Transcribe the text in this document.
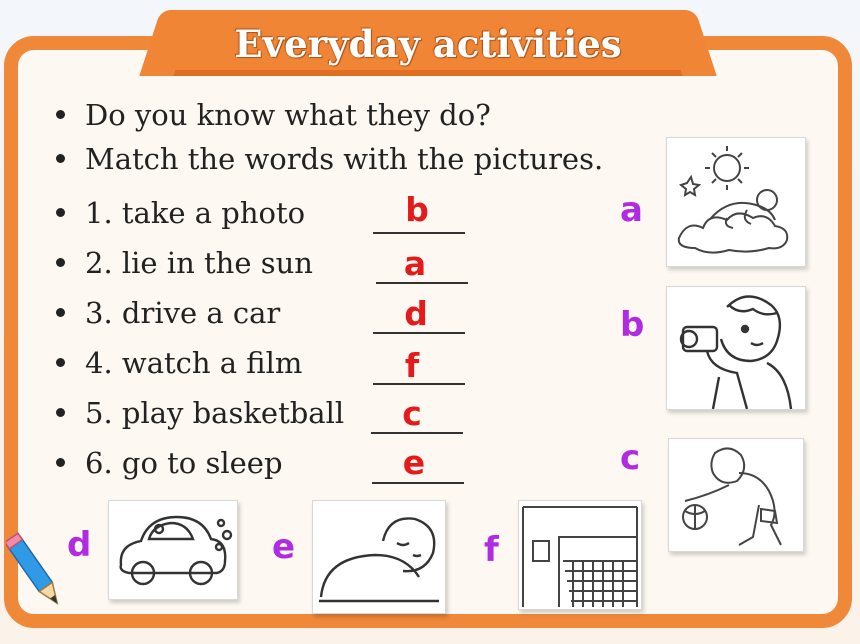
Everyday activities
Do you know what they do?
Match the words with the pictures.
1. take a photo
2. lie in the sun
3. drive a car
4. watch a film
5. play basketball
6. go to sleep
b
a
d
f
c
e
a
b
c
d	e	f
